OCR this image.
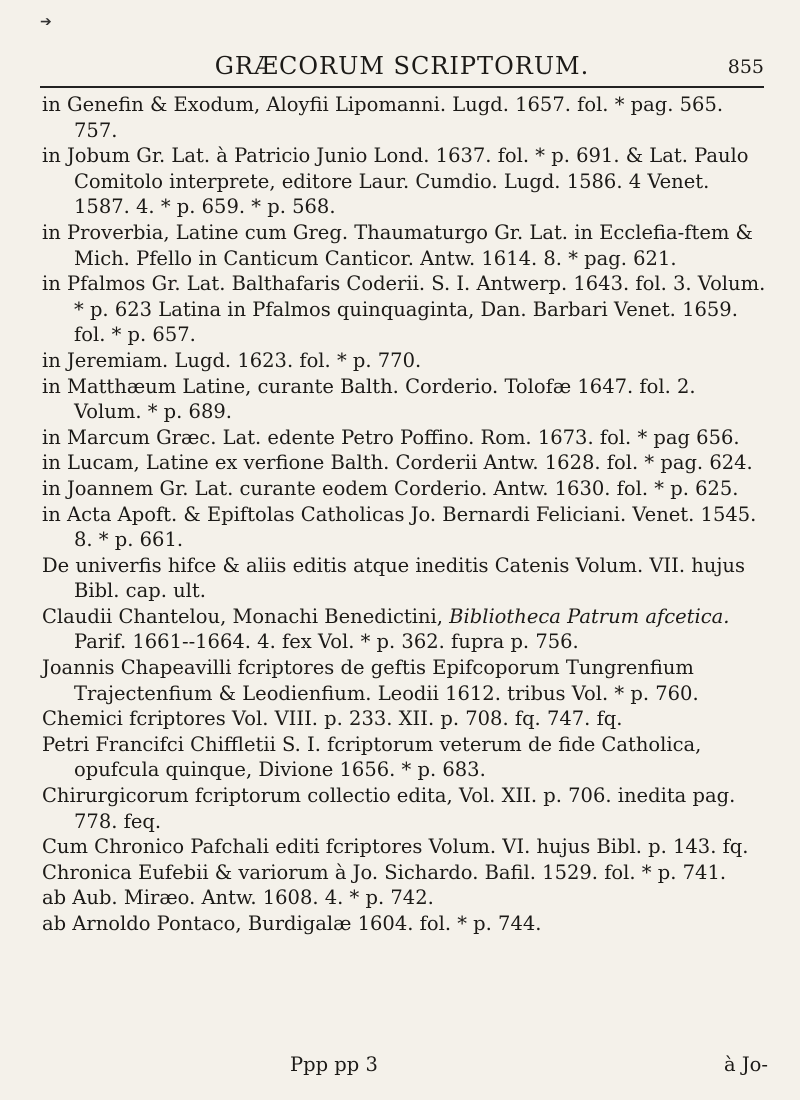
➔
GRÆCORUM SCRIPTORUM.	855

in Genefin & Exodum, Aloyfii Lipomanni. Lugd. 1657. fol. * pag. 565. 757.

in Jobum Gr. Lat. à Patricio Junio Lond. 1637. fol. * p. 691. & Lat. Paulo Comitolo interprete, editore Laur. Cumdio. Lugd. 1586. 4 Venet. 1587. 4. * p. 659. * p. 568.

in Proverbia, Latine cum Greg. Thaumaturgo Gr. Lat. in Ecclefia-ftem & Mich. Pfello in Canticum Canticor. Antw. 1614. 8. * pag. 621.

in Pfalmos Gr. Lat. Balthafaris Coderii. S. I. Antwerp. 1643. fol. 3. Volum. * p. 623 Latina in Pfalmos quinquaginta, Dan. Barbari Venet. 1659. fol. * p. 657.

in Jeremiam. Lugd. 1623. fol. * p. 770.

in Matthæum Latine, curante Balth. Corderio. Tolofæ 1647. fol. 2. Volum. * p. 689.

in Marcum Græc. Lat. edente Petro Poffino. Rom. 1673. fol. * pag 656.

in Lucam, Latine ex verfione Balth. Corderii Antw. 1628. fol. * pag. 624.

in Joannem Gr. Lat. curante eodem Corderio. Antw. 1630. fol. * p. 625.

in Acta Apoft. & Epiftolas Catholicas Jo. Bernardi Feliciani. Venet. 1545. 8. * p. 661.

De univerfis hifce & aliis editis atque ineditis Catenis Volum. VII. hujus Bibl. cap. ult.

Claudii Chantelou, Monachi Benedictini, Bibliotheca Patrum afcetica. Parif. 1661--1664. 4. fex Vol. * p. 362. fupra p. 756.

Joannis Chapeavilli fcriptores de geftis Epifcoporum Tungrenfium Trajectenfium & Leodienfium. Leodii 1612. tribus Vol. * p. 760.

Chemici fcriptores Vol. VIII. p. 233. XII. p. 708. fq. 747. fq.

Petri Francifci Chiffletii S. I. fcriptorum veterum de fide Catholica, opufcula quinque, Divione 1656. * p. 683.

Chirurgicorum fcriptorum collectio edita, Vol. XII. p. 706. inedita pag. 778. feq.

Cum Chronico Pafchali editi fcriptores Volum. VI. hujus Bibl. p. 143. fq.

Chronica Eufebii & variorum à Jo. Sichardo. Bafil. 1529. fol. * p. 741.

ab Aub. Miræo. Antw. 1608. 4. * p. 742.

ab Arnoldo Pontaco, Burdigalæ 1604. fol. * p. 744.

Ppp pp 3	à Jo-
